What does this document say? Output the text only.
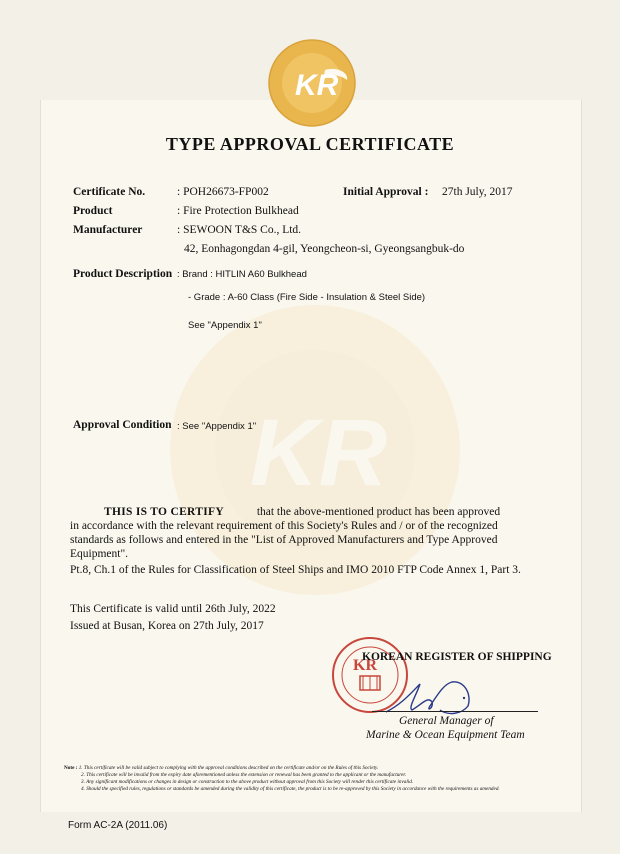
KR
KR
TYPE APPROVAL CERTIFICATE
Certificate No.	: POH26673-FP002	Initial Approval : 27th July, 2017
Product	: Fire Protection Bulkhead
Manufacturer	: SEWOON T&S Co., Ltd.
42, Eonhagongdan 4-gil, Yeongcheon-si, Gyeongsangbuk-do
Product Description : Brand : HITLIN A60 Bulkhead
- Grade : A-60 Class (Fire Side - Insulation & Steel Side)
See "Appendix 1"
Approval Condition : See "Appendix 1"
THIS IS TO CERTIFY	that the above-mentioned product has been approved
in accordance with the relevant requirement of this Society's Rules and / or of the recognized
standards as follows and entered in the "List of Approved Manufacturers and Type Approved
Equipment".
Pt.8, Ch.1 of the Rules for Classification of Steel Ships and IMO 2010 FTP Code Annex 1, Part 3.
This Certificate is valid until 26th July, 2022
Issued at Busan, Korea on 27th July, 2017
KR
KOREAN REGISTER OF SHIPPING
General Manager of
Marine & Ocean Equipment Team
Note : 1. This certificate will be valid subject to complying with the approval conditions described on the certificate and/or on the Rules of this Society.
2. This certificate will be invalid from the expiry date aforementioned unless the extension or renewal has been granted to the applicant or the manufacturer.
3. Any significant modifications or changes in design or construction to the above product without approval from this Society will render this certificate invalid.
4. Should the specified rules, regulations or standards be amended during the validity of this certificate, the product is to be re-approved by this Society in accordance with the requirements as amended.
Form AC-2A (2011.06)
